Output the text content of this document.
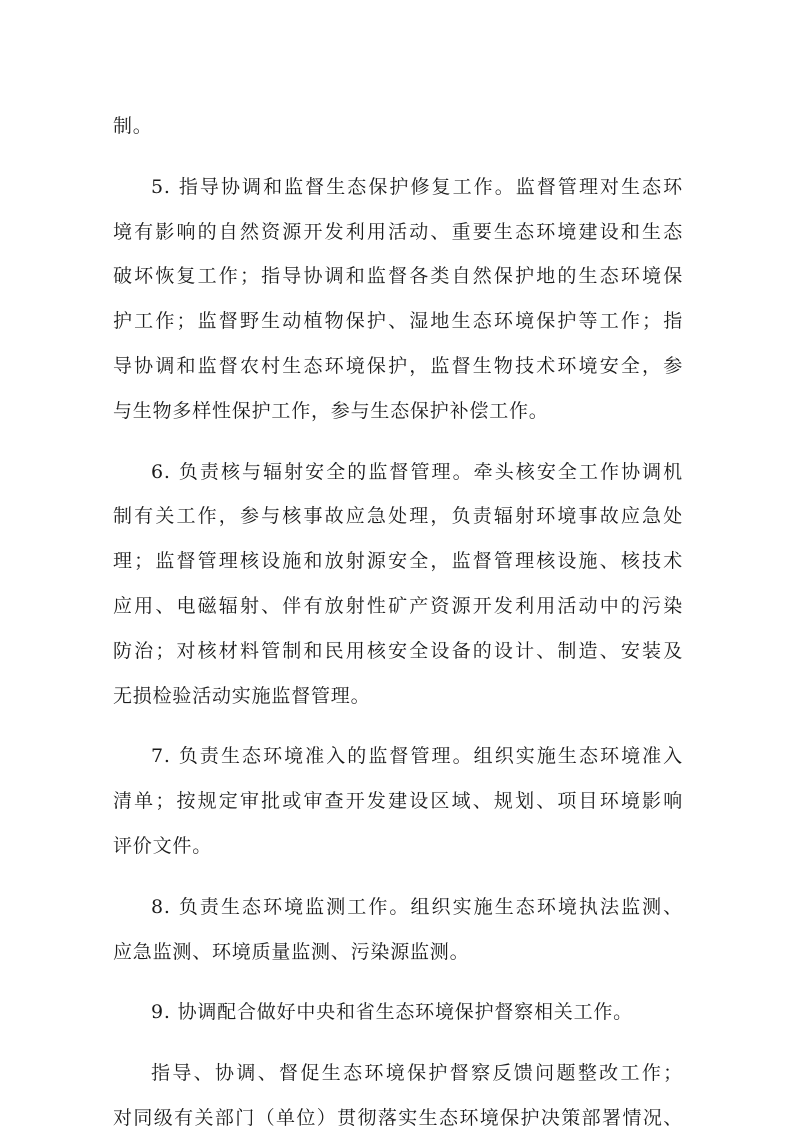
制。
5. 指导协调和监督生态保护修复工作。监督管理对生态环
境有影响的自然资源开发利用活动、重要生态环境建设和生态
破坏恢复工作；指导协调和监督各类自然保护地的生态环境保
护工作；监督野生动植物保护、湿地生态环境保护等工作；指
导协调和监督农村生态环境保护，监督生物技术环境安全，参
与生物多样性保护工作，参与生态保护补偿工作。
6. 负责核与辐射安全的监督管理。牵头核安全工作协调机
制有关工作，参与核事故应急处理，负责辐射环境事故应急处
理；监督管理核设施和放射源安全，监督管理核设施、核技术
应用、电磁辐射、伴有放射性矿产资源开发利用活动中的污染
防治；对核材料管制和民用核安全设备的设计、制造、安装及
无损检验活动实施监督管理。
7. 负责生态环境准入的监督管理。组织实施生态环境准入
清单；按规定审批或审查开发建设区域、规划、项目环境影响
评价文件。
8. 负责生态环境监测工作。组织实施生态环境执法监测、
应急监测、环境质量监测、污染源监测。
9. 协调配合做好中央和省生态环境保护督察相关工作。
指导、协调、督促生态环境保护督察反馈问题整改工作；
对同级有关部门（单位）贯彻落实生态环境保护决策部署情况、
